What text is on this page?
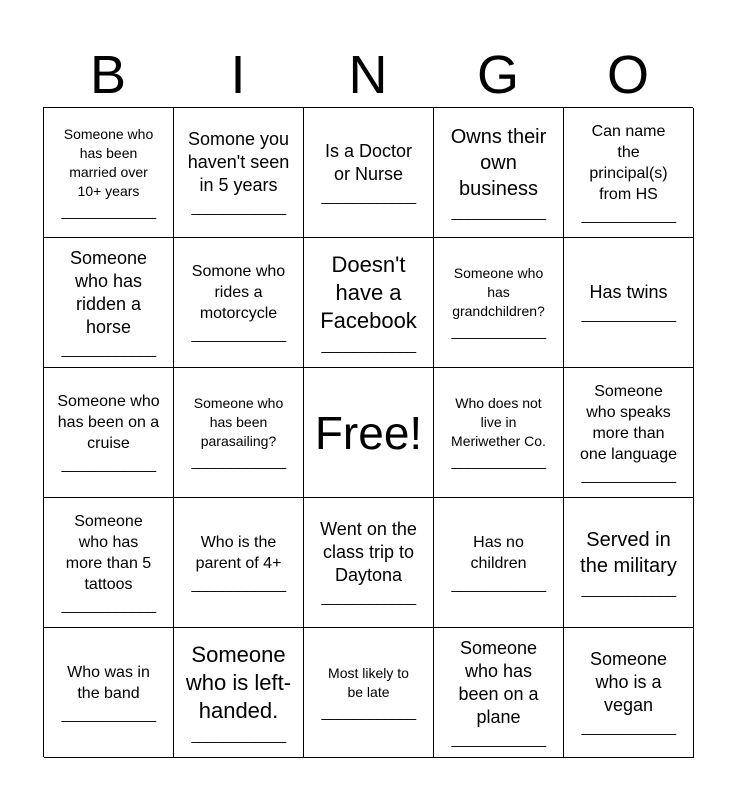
B	I	N	G	O
Someone who
has been
married over
10+ years
____________
Somone you
haven't seen
in 5 years
____________
Is a Doctor
or Nurse
____________
Owns their
own
business
____________
Can name
the
principal(s)
from HS
____________
Someone
who has
ridden a
horse
____________
Somone who
rides a
motorcycle
____________
Doesn't
have a
Facebook
____________
Someone who
has
grandchildren?
____________
Has twins
____________
Someone who
has been on a
cruise
____________
Someone who
has been
parasailing?
____________
Free!
Who does not
live in
Meriwether Co.
____________
Someone
who speaks
more than
one language
____________
Someone
who has
more than 5
tattoos
____________
Who is the
parent of 4+
____________
Went on the
class trip to
Daytona
____________
Has no
children
____________
Served in
the military
____________
Who was in
the band
____________
Someone
who is left-
handed.
____________
Most likely to
be late
____________
Someone
who has
been on a
plane
____________
Someone
who is a
vegan
____________
